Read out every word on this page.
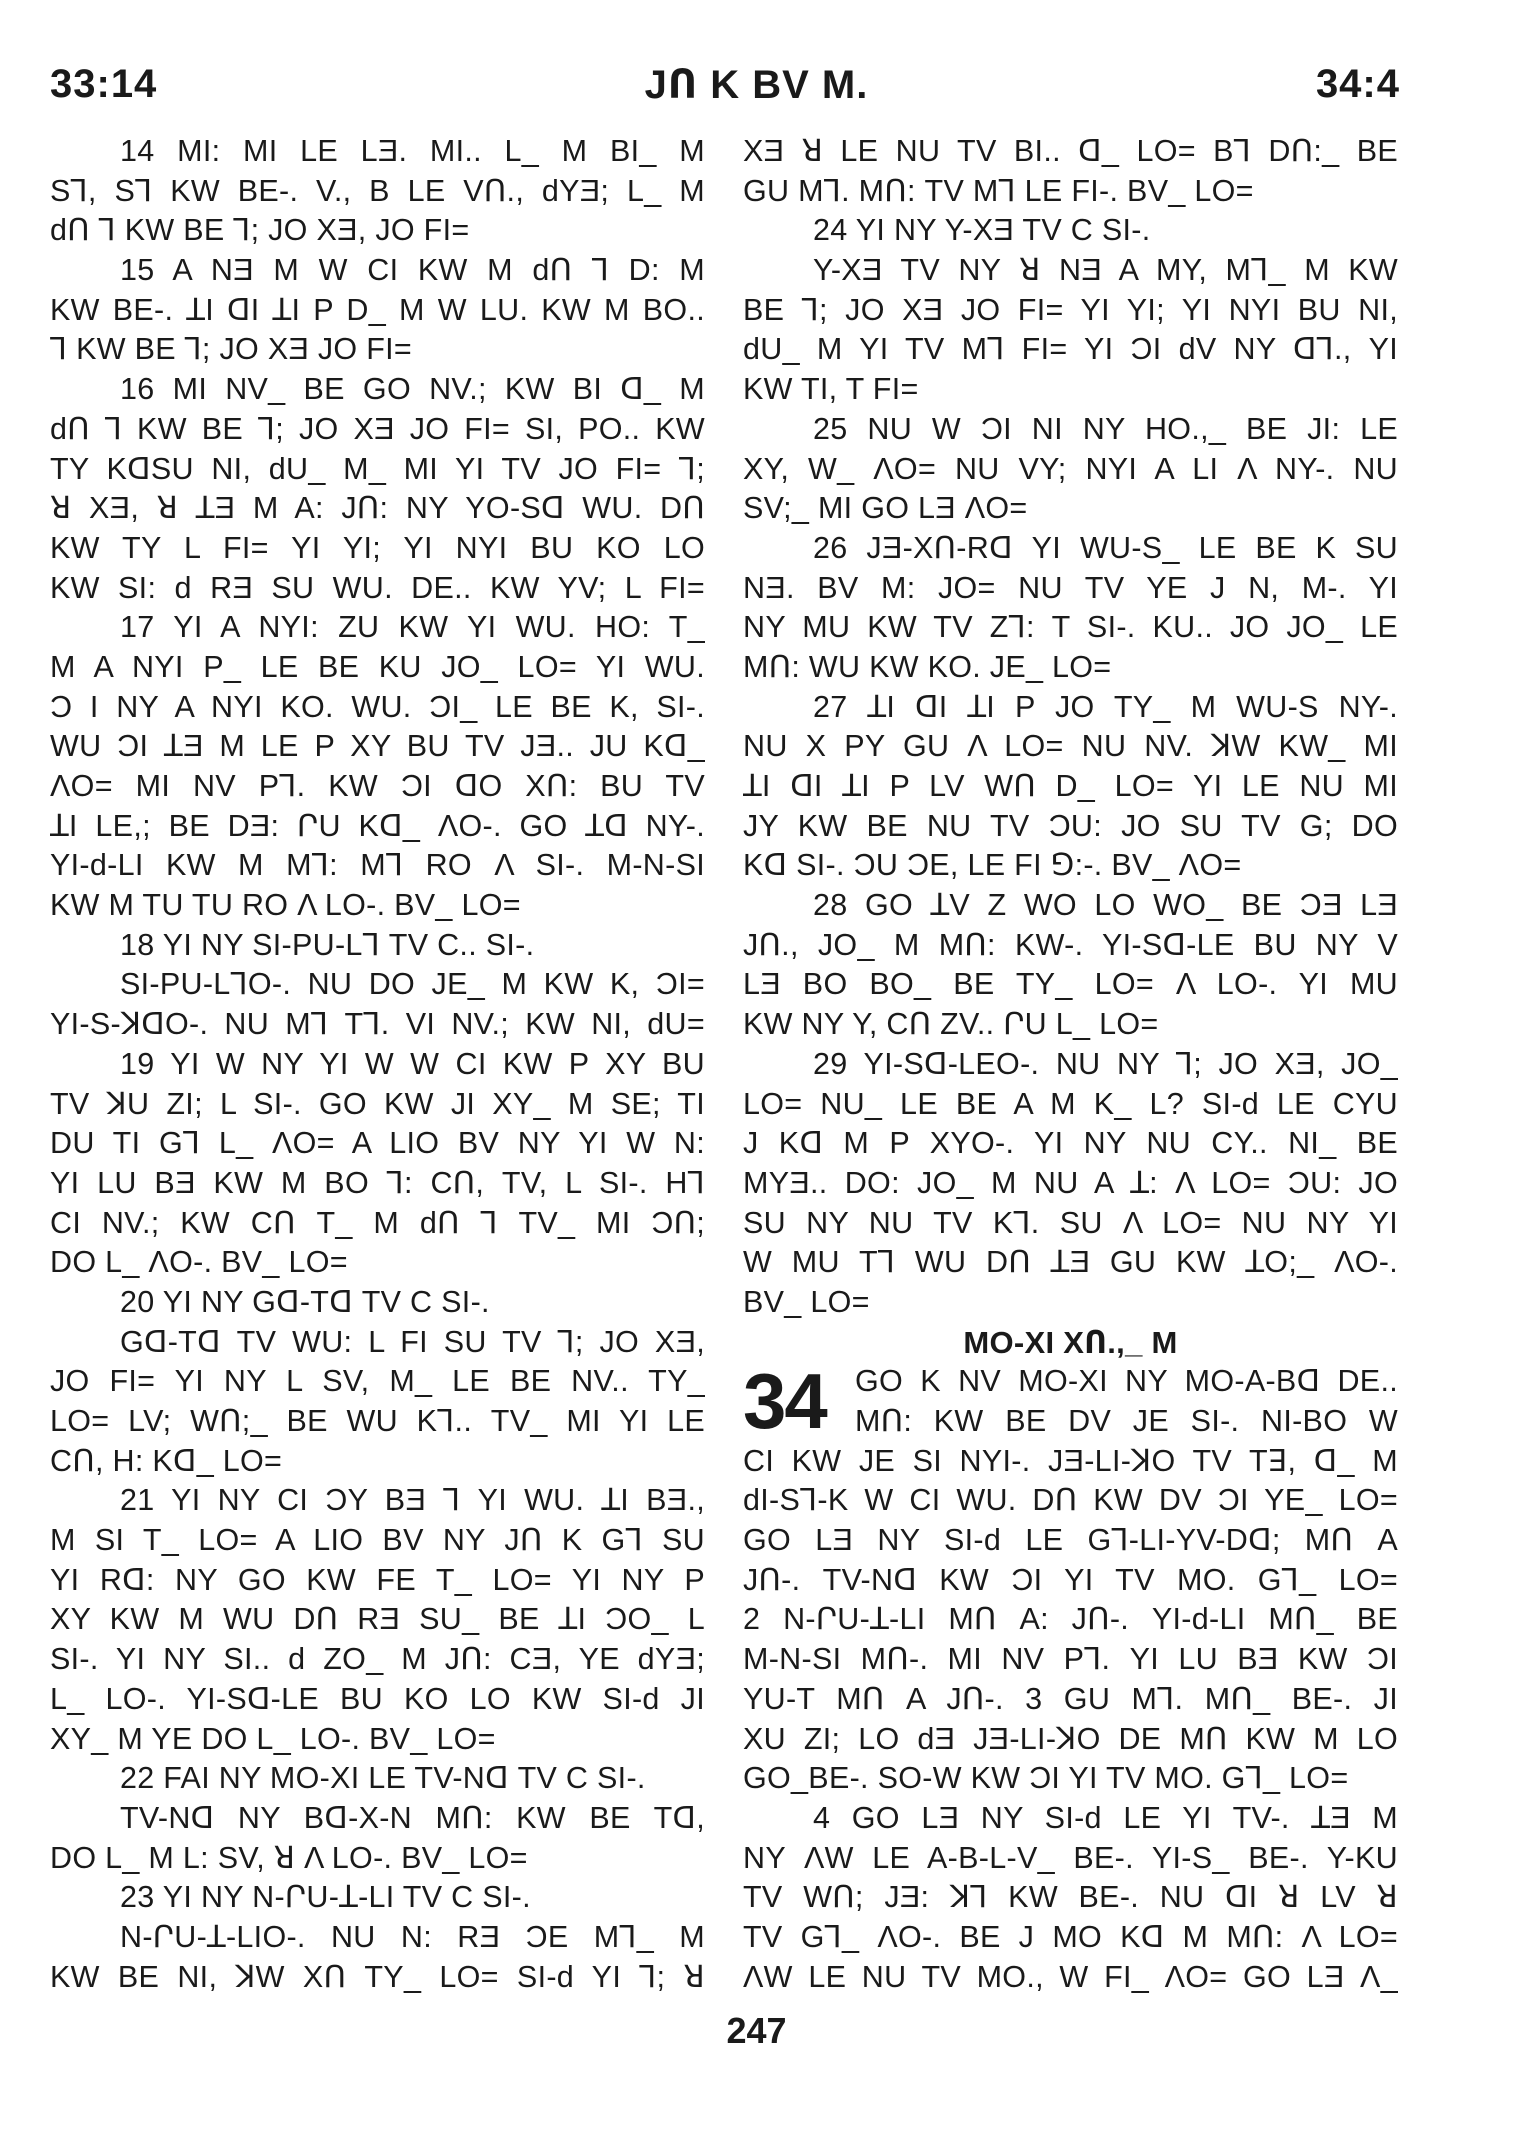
33:14	JՈ K BV M.	34:4
14 MI: MI LE LƎ. MI.. L_ M BI_ M
Sꓶ, Sꓶ KW BE-. V., B LE VՈ., dYƎ; L_ M
dՈ ꓶ KW BE ꓶ; JO XƎ, JO FI=
15 A NƎ M W CI KW M dՈ ꓶ D: M
KW BE-. ꓕI ꓷI ꓕI P D_ M W LU. KW M BO..
ꓶ KW BE ꓶ; JO XƎ JO FI=
16 MI NV_ BE GO NV.; KW BI ꓷ_ M
dՈ ꓶ KW BE ꓶ; JO XƎ JO FI= SI, PO.. KW
TY KꓷSU NI, dU_ M_ MI YI TV JO FI= ꓶ;
ꓤ XƎ, ꓤ ꓕƎ M A: JՈ: NY YO-Sꓷ WU. DՈ
KW TY L FI= YI YI; YI NYI BU KO LO
KW SI: d RƎ SU WU. DE.. KW YV; L FI=
17 YI A NYI: ZU KW YI WU. HO: T_
M A NYI P_ LE BE KU JO_ LO= YI WU.
Ɔ I NY A NYI KO. WU. ƆI_ LE BE K, SI-.
WU ƆI ꓕƎ M LE P XY BU TV JƎ.. JU Kꓷ_
ΛO= MI NV Pꓶ. KW ƆI ꓷO XՈ: BU TV
ꓕI LE,; BE DƎ: ՐU Kꓷ_ ΛO-. GO ꓕꓷ NY-.
YI-d-LI KW M Mꓶ: Mꓶ RO Λ SI-. M-N-SI
KW M TU TU RO Λ LO-. BV_ LO=
18 YI NY SI-PU-Lꓶ TV C.. SI-.
SI-PU-LꓶO-. NU DO JE_ M KW K, ƆI=
YI-S-ꓘꓷO-. NU Mꓶ Tꓶ. VI NV.; KW NI, dU=
19 YI W NY YI W W CI KW P XY BU
TV ꓘU ZI; L SI-. GO KW JI XY_ M SE; TI
DU TI Gꓶ L_ ΛO= A LIO BV NY YI W N:
YI LU BƎ KW M BO ꓶ: CՈ, TV, L SI-. Hꓶ
CI NV.; KW CՈ T_ M dՈ ꓶ TV_ MI ƆՈ;
DO L_ ΛO-. BV_ LO=
20 YI NY Gꓷ-Tꓷ TV C SI-.
Gꓷ-Tꓷ TV WU: L FI SU TV ꓶ; JO XƎ,
JO FI= YI NY L SV, M_ LE BE NV.. TY_
LO= LV; WՈ;_ BE WU Kꓶ.. TV_ MI YI LE
CՈ, H: Kꓷ_ LO=
21 YI NY CI ƆY BƎ ꓶ YI WU. ꓕI BƎ.,
M SI T_ LO= A LIO BV NY JՈ K Gꓶ SU
YI Rꓷ: NY GO KW FE T_ LO= YI NY P
XY KW M WU DՈ RƎ SU_ BE ꓕI ƆO_ L
SI-. YI NY SI.. d ZO_ M JՈ: CƎ, YE dYƎ;
L_ LO-. YI-Sꓷ-LE BU KO LO KW SI-d JI
XY_ M YE DO L_ LO-. BV_ LO=
22 FAI NY MO-XI LE TV-Nꓷ TV C SI-.
TV-Nꓷ NY Bꓷ-X-N MՈ: KW BE Tꓷ,
DO L_ M L: SV, ꓤ Λ LO-. BV_ LO=
23 YI NY N-ՐU-ꓕ-LI TV C SI-.
N-ՐU-ꓕ-LIO-. NU N: RƎ ƆE Mꓶ_ M
KW BE NI, ꓘW XՈ TY_ LO= SI-d YI ꓶ; ꓤ
XƎ ꓤ LE NU TV BI.. ꓷ_ LO= Bꓶ DՈ:_ BE
GU Mꓶ. MՈ: TV Mꓶ LE FI-. BV_ LO=
24 YI NY Y-XƎ TV C SI-.
Y-XƎ TV NY ꓤ NƎ A MY, Mꓶ_ M KW
BE ꓶ; JO XƎ JO FI= YI YI; YI NYI BU NI,
dU_ M YI TV Mꓶ FI= YI ƆI dV NY ꓷꓶ., YI
KW TI, T FI=
25 NU W ƆI NI NY HO.,_ BE JI: LE
XY, W_ ΛO= NU VY; NYI A LI Λ NY-. NU
SV;_ MI GO LƎ ΛO=
26 JƎ-XՈ-Rꓷ YI WU-S_ LE BE K SU
NƎ. BV M: JO= NU TV YE J N, M-. YI
NY MU KW TV Zꓶ: T SI-. KU.. JO JO_ LE
MՈ: WU KW KO. JE_ LO=
27 ꓕI ꓷI ꓕI P JO TY_ M WU-S NY-.
NU X PY GU Λ LO= NU NV. ꓘW KW_ MI
ꓕI ꓷI ꓕI P LV WՈ D_ LO= YI LE NU MI
JY KW BE NU TV ƆU: JO SU TV G; DO
Kꓷ SI-. ƆU ƆE, LE FI ⅁:-. BV_ ΛO=
28 GO ꓕV Z WO LO WO_ BE ƆƎ LƎ
JՈ., JO_ M MՈ: KW-. YI-Sꓷ-LE BU NY V
LƎ BO BO_ BE TY_ LO= Λ LO-. YI MU
KW NY Y, CՈ ZV.. ՐU L_ LO=
29 YI-Sꓷ-LEO-. NU NY ꓶ; JO XƎ, JO_
LO= NU_ LE BE A M K_ L? SI-d LE CYU
J Kꓷ M P XYO-. YI NY NU CY.. NI_ BE
MYƎ.. DO: JO_ M NU A ꓕ: Λ LO= ƆU: JO
SU NY NU TV Kꓶ. SU Λ LO= NU NY YI
W MU Tꓶ WU DՈ ꓕƎ GU KW ꓕO;_ ΛO-.
BV_ LO=
MO-XI XՈ.,_ M
34 GO K NV MO-XI NY MO-A-Bꓷ DE..
MՈ: KW BE DV JE SI-. NI-BO W
CI KW JE SI NYI-. JƎ-LI-ꓘO TV Tꓱ, ꓷ_ M
dI-Sꓶ-K W CI WU. DՈ KW DV ƆI YE_ LO=
GO LƎ NY SI-d LE Gꓶ-LI-YV-Dꓷ; MՈ A
JՈ-. TV-Nꓷ KW ƆI YI TV MO. Gꓶ_ LO=
2 N-ՐU-ꓕ-LI MՈ A: JՈ-. YI-d-LI MՈ_ BE
M-N-SI MՈ-. MI NV Pꓶ. YI LU BƎ KW ƆI
YU-T MՈ A JՈ-. 3 GU Mꓶ. MՈ_ BE-. JI
XU ZI; LO dƎ JƎ-LI-ꓘO DE MՈ KW M LO
GO_BE-. SO-W KW ƆI YI TV MO. Gꓶ_ LO=
4 GO LƎ NY SI-d LE YI TV-. ꓕƎ M
NY ΛW LE A-B-L-V_ BE-. YI-S_ BE-. Y-KU
TV WՈ; JƎ: ꓘꓶ KW BE-. NU ꓷI ꓤ LV ꓤ
TV Gꓶ_ ΛO-. BE J MO Kꓷ M MՈ: Λ LO=
ΛW LE NU TV MO., W FI_ ΛO= GO LƎ Λ_
247
